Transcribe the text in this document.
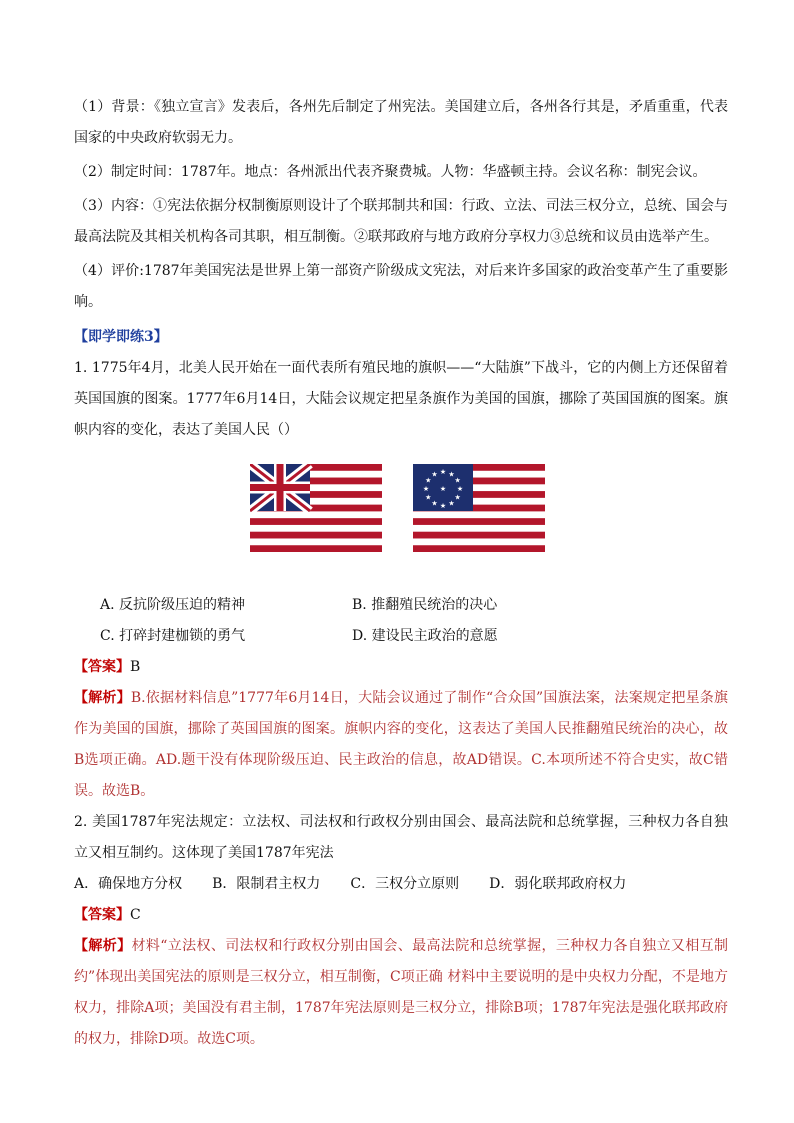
（1）背景：《独立宣言》发表后，各州先后制定了州宪法。美国建立后，各州各行其是，矛盾重重，代表国家的中央政府软弱无力。

（2）制定时间：1787年。地点：各州派出代表齐聚费城。人物：华盛顿主持。会议名称：制宪会议。

（3）内容：①宪法依据分权制衡原则设计了个联邦制共和国：行政、立法、司法三权分立，总统、国会与最高法院及其相关机构各司其职，相互制衡。②联邦政府与地方政府分享权力③总统和议员由选举产生。

（4）评价:1787年美国宪法是世界上第一部资产阶级成文宪法，对后来许多国家的政治变革产生了重要影响。

【即学即练3】

1. 1775年4月，北美人民开始在一面代表所有殖民地的旗帜——“大陆旗”下战斗，它的内侧上方还保留着英国国旗的图案。1777年6月14日，大陆会议规定把星条旗作为美国的国旗，挪除了英国国旗的图案。旗帜内容的变化，表达了美国人民（）

★ ★
★
★
★
★
★
★
★
★
★
★
★
A. 反抗阶级压迫的精神	B. 推翻殖民统治的决心
C. 打碎封建枷锁的勇气	D. 建设民主政治的意愿

【答案】B

【解析】B.依据材料信息”1777年6月14日，大陆会议通过了制作“合众国”国旗法案，法案规定把星条旗作为美国的国旗，挪除了英国国旗的图案。旗帜内容的变化，这表达了美国人民推翻殖民统治的决心，故B选项正确。AD.题干没有体现阶级压迫、民主政治的信息，故AD错误。C.本项所述不符合史实，故C错误。故选B。

2. 美国1787年宪法规定：立法权、司法权和行政权分别由国会、最高法院和总统掌握，三种权力各自独立又相互制约。这体现了美国1787年宪法

A．确保地方分权 B．限制君主权力 C．三权分立原则 D．弱化联邦政府权力

【答案】C

【解析】材料“立法权、司法权和行政权分别由国会、最高法院和总统掌握，三种权力各自独立又相互制约”体现出美国宪法的原则是三权分立，相互制衡，C项正确 材料中主要说明的是中央权力分配，不是地方权力，排除A项；美国没有君主制，1787年宪法原则是三权分立，排除B项；1787年宪法是强化联邦政府的权力，排除D项。故选C项。
